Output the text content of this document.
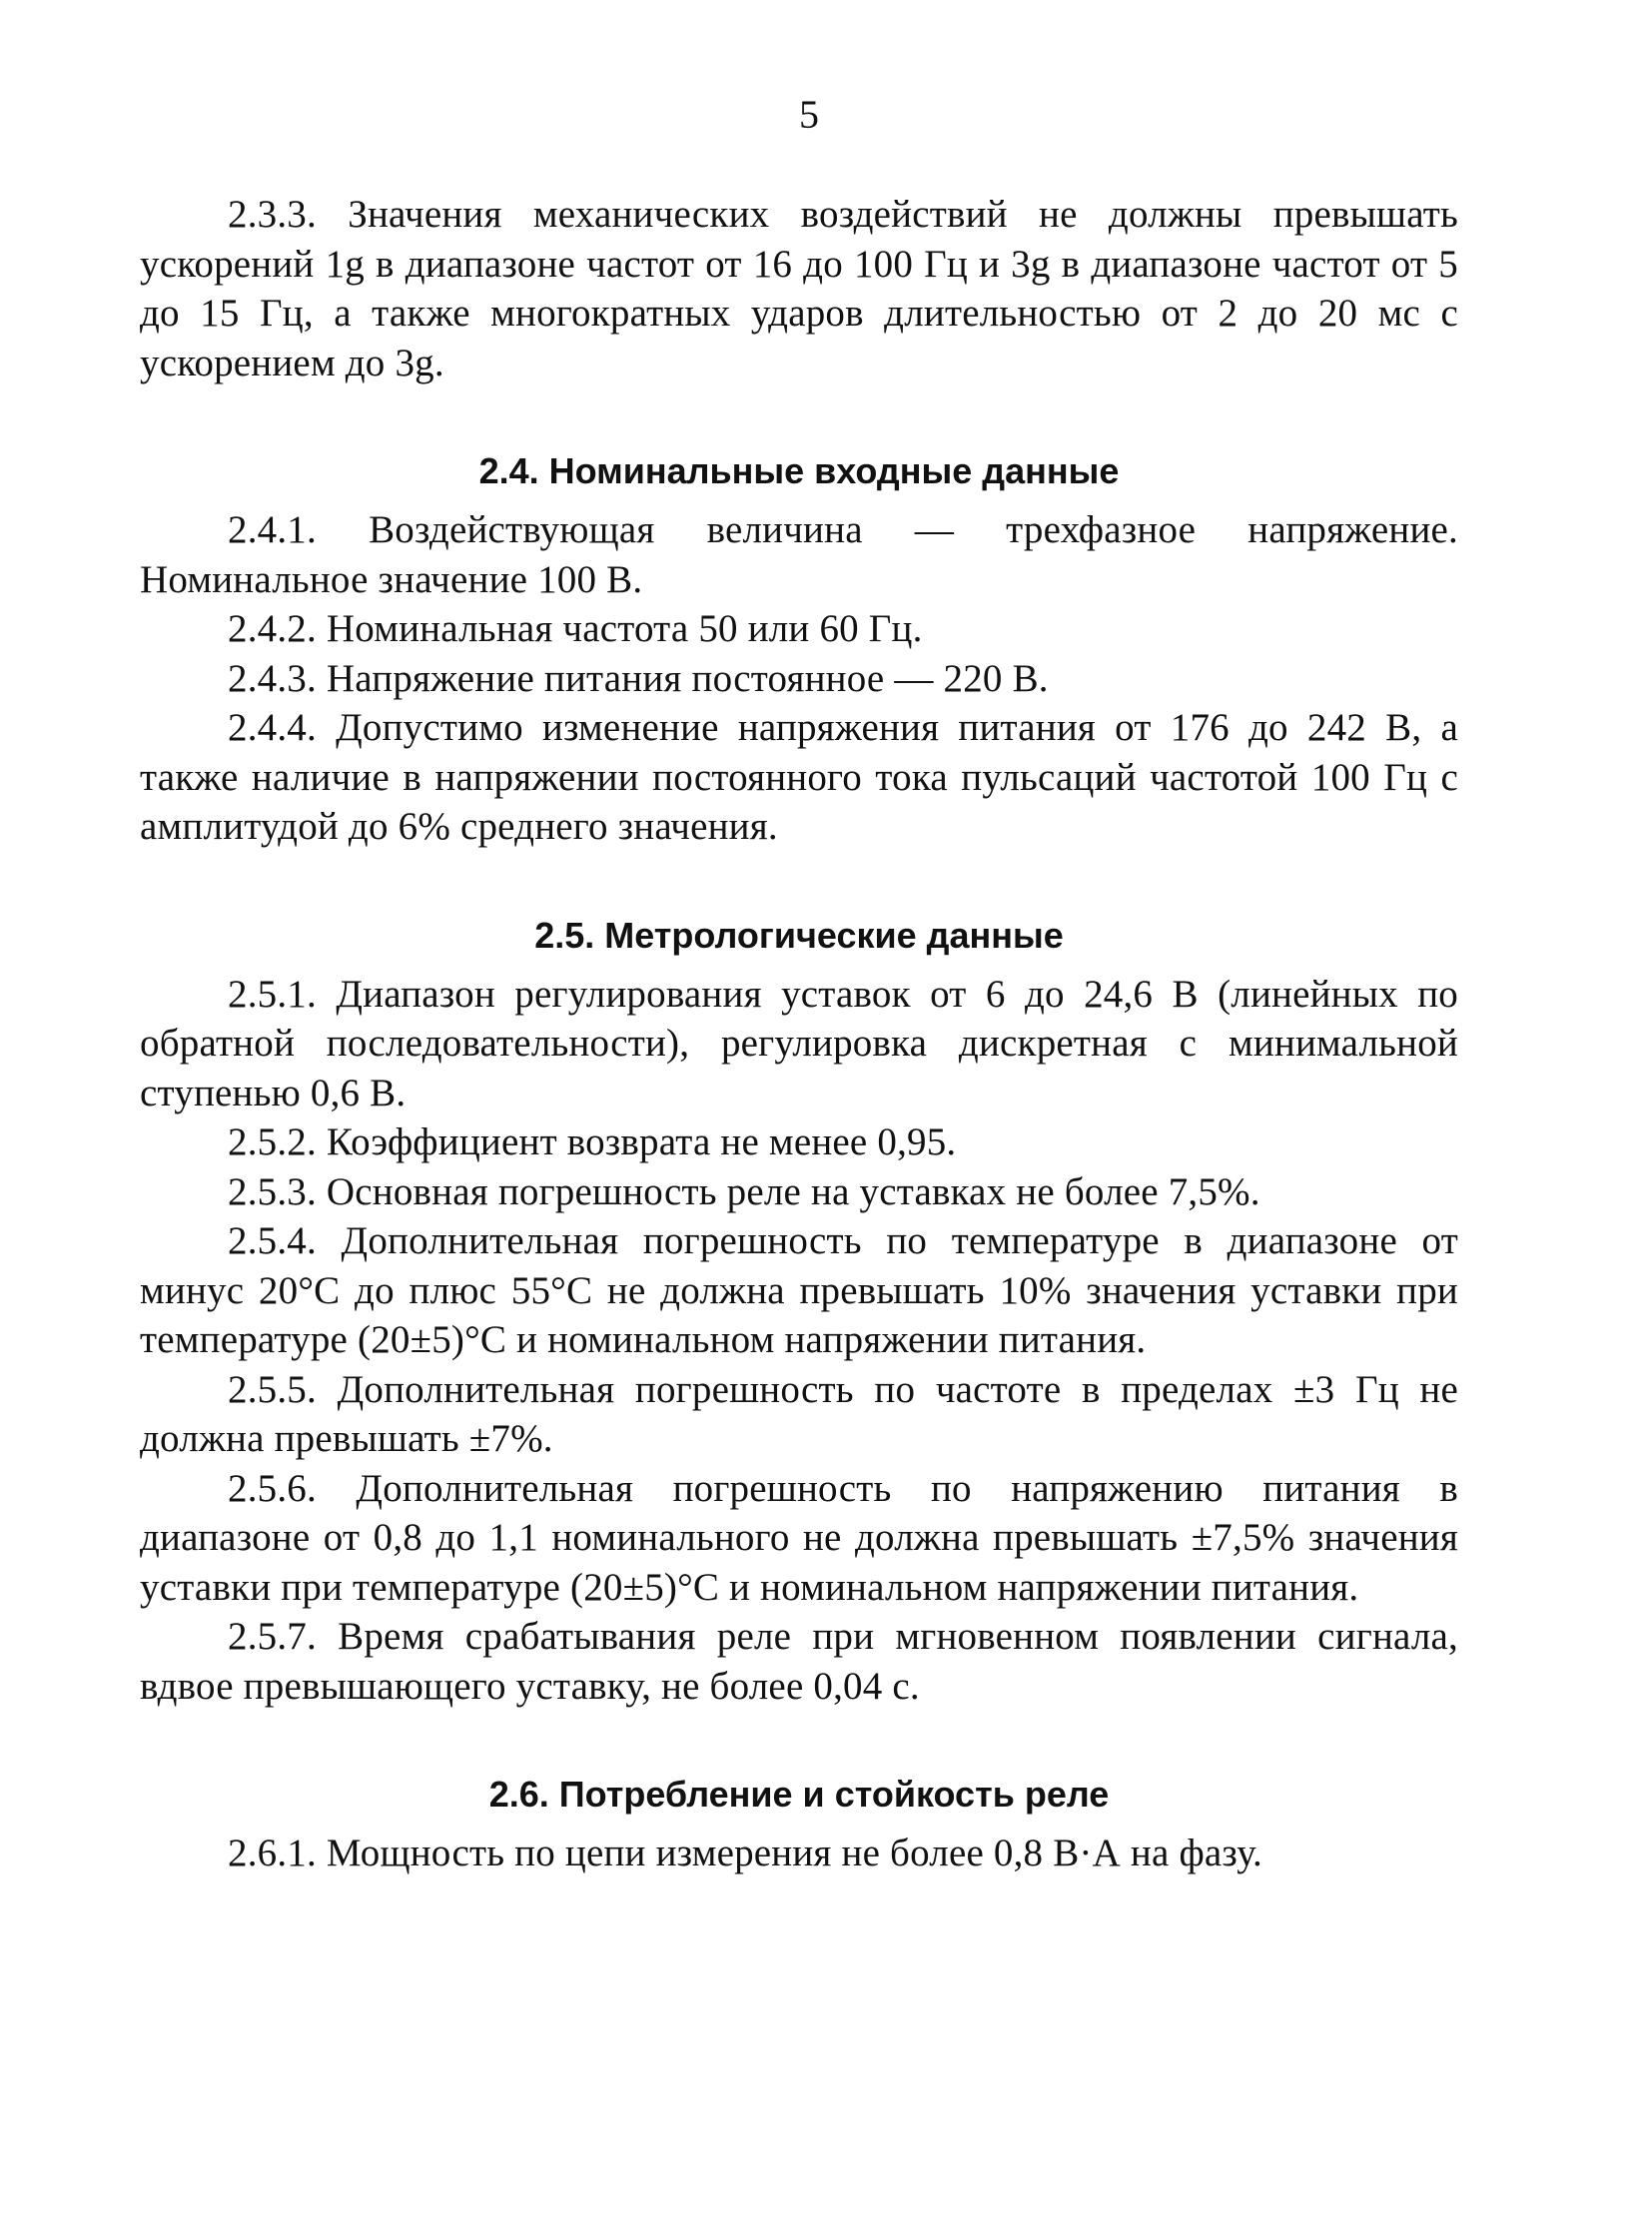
5

2.3.3. Значения механических воздействий не должны превышать ускорений 1g в диапазоне частот от 16 до 100 Гц и 3g в диапазоне частот от 5 до 15 Гц, а также многократных ударов длительностью от 2 до 20 мс с ускорением до 3g.

2.4. Номинальные входные данные

2.4.1. Воздействующая величина — трехфазное напряжение. Номинальное значение 100 В.

2.4.2. Номинальная частота 50 или 60 Гц.

2.4.3. Напряжение питания постоянное — 220 В.

2.4.4. Допустимо изменение напряжения питания от 176 до 242 В, а также наличие в напряжении постоянного тока пульсаций частотой 100 Гц с амплитудой до 6% среднего значения.

2.5. Метрологические данные

2.5.1. Диапазон регулирования уставок от 6 до 24,6 В (линейных по обратной последовательности), регулировка дискретная с минимальной ступенью 0,6 В.

2.5.2. Коэффициент возврата не менее 0,95.

2.5.3. Основная погрешность реле на уставках не более 7,5%.

2.5.4. Дополнительная погрешность по температуре в диапазоне от минус 20°С до плюс 55°С не должна превышать 10% значения уставки при температуре (20±5)°С и номинальном напряжении питания.

2.5.5. Дополнительная погрешность по частоте в пределах ±3 Гц не должна превышать ±7%.

2.5.6. Дополнительная погрешность по напряжению питания в диапазоне от 0,8 до 1,1 номинального не должна превышать ±7,5% значения уставки при температуре (20±5)°С и номинальном напряжении питания.

2.5.7. Время срабатывания реле при мгновенном появлении сигнала, вдвое превышающего уставку, не более 0,04 с.

2.6. Потребление и стойкость реле

2.6.1. Мощность по цепи измерения не более 0,8 В·А на фазу.
